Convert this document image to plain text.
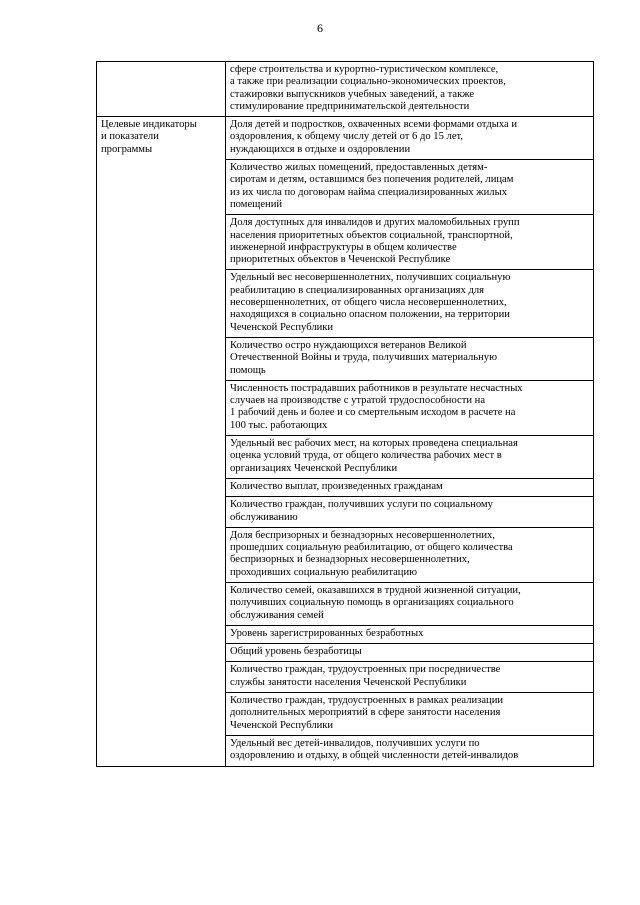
6

	сфере строительства и курортно-туристическом комплексе,
а также при реализации социально-экономических проектов,
стажировки выпускников учебных заведений, а также
стимулирование предпринимательской деятельности

Целевые индикаторы
и показатели
программы	Доля детей и подростков, охваченных всеми формами отдыха и
оздоровления, к общему числу детей от 6 до 15 лет,
нуждающихся в отдыхе и оздоровлении

	Количество жилых помещений, предоставленных детям-
сиротам и детям, оставшимся без попечения родителей, лицам
из их числа по договорам найма специализированных жилых
помещений

	Доля доступных для инвалидов и других маломобильных групп
населения приоритетных объектов социальной, транспортной,
инженерной инфраструктуры в общем количестве
приоритетных объектов в Чеченской Республике

	Удельный вес несовершеннолетних, получивших социальную
реабилитацию в специализированных организациях для
несовершеннолетних, от общего числа несовершеннолетних,
находящихся в социально опасном положении, на территории
Чеченской Республики

	Количество остро нуждающихся ветеранов Великой
Отечественной Войны и труда, получивших материальную
помощь

	Численность пострадавших работников в результате несчастных
случаев на производстве с утратой трудоспособности на
1 рабочий день и более и со смертельным исходом в расчете на
100 тыс. работающих

	Удельный вес рабочих мест, на которых проведена специальная
оценка условий труда, от общего количества рабочих мест в
организациях Чеченской Республики

	Количество выплат, произведенных гражданам

	Количество граждан, получивших услуги по социальному
обслуживанию

	Доля беспризорных и безнадзорных несовершеннолетних,
прошедших социальную реабилитацию, от общего количества
беспризорных и безнадзорных несовершеннолетних,
проходивших социальную реабилитацию

	Количество семей, оказавшихся в трудной жизненной ситуации,
получивших социальную помощь в организациях социального
обслуживания семей

	Уровень зарегистрированных безработных

	Общий уровень безработицы

	Количество граждан, трудоустроенных при посредничестве
службы занятости населения Чеченской Республики

	Количество граждан, трудоустроенных в рамках реализации
дополнительных мероприятий в сфере занятости населения
Чеченской Республики

	Удельный вес детей-инвалидов, получивших услуги по
оздоровлению и отдыху, в общей численности детей-инвалидов
